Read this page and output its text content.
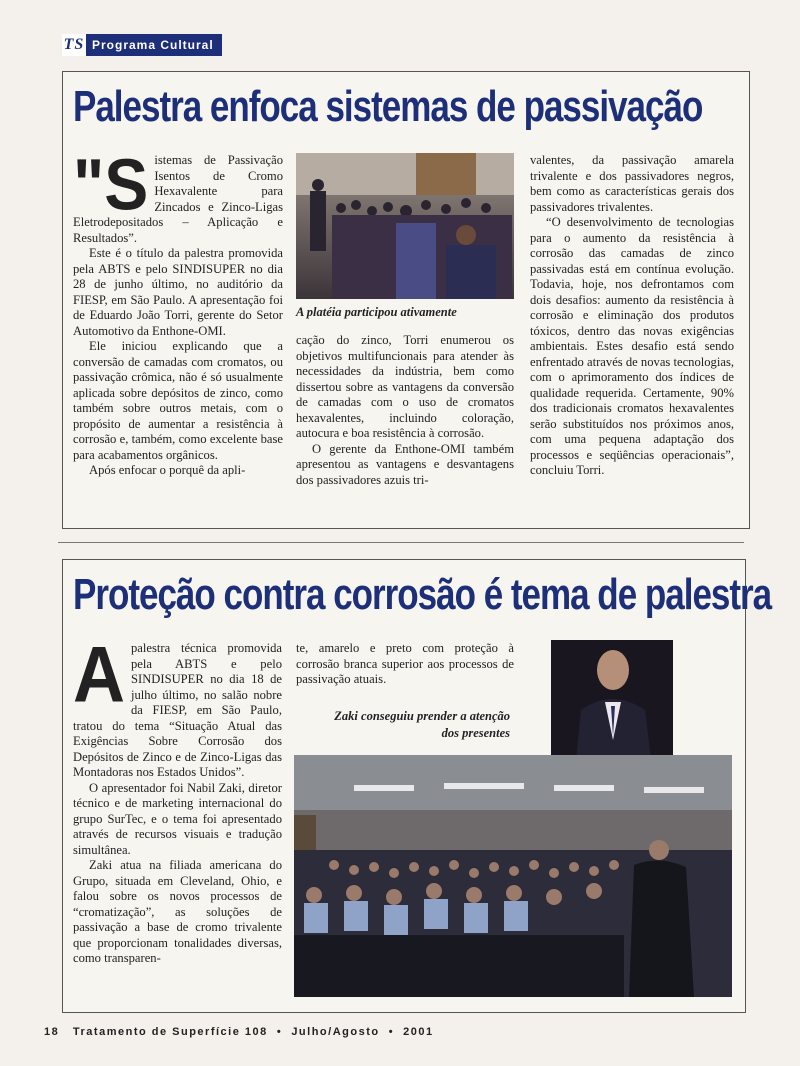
TS Programa Cultural
Palestra enfoca sistemas de passivação
"S istemas de Passivação Isentos de Cromo Hexavalente para Zincados e Zinco-Ligas Eletrodepositados – Aplicação e Resultados”.

Este é o título da palestra promovida pela ABTS e pelo SINDISUPER no dia 28 de junho último, no auditório da FIESP, em São Paulo. A apresentação foi de Eduardo João Torri, gerente do Setor Automotivo da Enthone-OMI.

Ele iniciou explicando que a conversão de camadas com cromatos, ou passivação crômica, não é só usualmente aplicada sobre depósitos de zinco, como também sobre outros metais, com o propósito de aumentar a resistência à corrosão e, também, como excelente base para acabamentos orgânicos.

Após enfocar o porquê da apli-

A platéia participou ativamente

cação do zinco, Torri enumerou os objetivos multifuncionais para atender às necessidades da indústria, bem como dissertou sobre as vantagens da conversão de camadas com o uso de cromatos hexavalentes, incluindo coloração, autocura e boa resistência à corrosão.

O gerente da Enthone-OMI também apresentou as vantagens e desvantagens dos passivadores azuis tri-

valentes, da passivação amarela trivalente e dos passivadores negros, bem como as características gerais dos passivadores trivalentes.

“O desenvolvimento de tecnologias para o aumento da resistência à corrosão das camadas de zinco passivadas está em contínua evolução. Todavia, hoje, nos defrontamos com dois desafios: aumento da resistência à corrosão e eliminação dos produtos tóxicos, dentro das novas exigências ambientais. Estes desafio está sendo enfrentado através de novas tecnologias, com o aprimoramento dos índices de qualidade requerida. Certamente, 90% dos tradicionais cromatos hexavalentes serão substituídos nos próximos anos, com uma pequena adaptação dos processos e seqüências operacionais”, concluiu Torri.

Proteção contra corrosão é tema de palestra
A palestra técnica promovida pela ABTS e pelo SINDISUPER no dia 18 de julho último, no salão nobre da FIESP, em São Paulo, tratou do tema “Situação Atual das Exigências Sobre Corrosão dos Depósitos de Zinco e de Zinco-Ligas das Montadoras nos Estados Unidos”.

O apresentador foi Nabil Zaki, diretor técnico e de marketing internacional do grupo SurTec, e o tema foi apresentado através de recursos visuais e tradução simultânea.

Zaki atua na filiada americana do Grupo, situada em Cleveland, Ohio, e falou sobre os novos processos de “cromatização”, as soluções de passivação a base de cromo trivalente que proporcionam tonalidades diversas, como transparen-

te, amarelo e preto com proteção à corrosão branca superior aos processos de passivação atuais.

Zaki conseguiu prender a atenção dos presentes
18   Tratamento de Superfície 108  •  Julho/Agosto  •  2001
